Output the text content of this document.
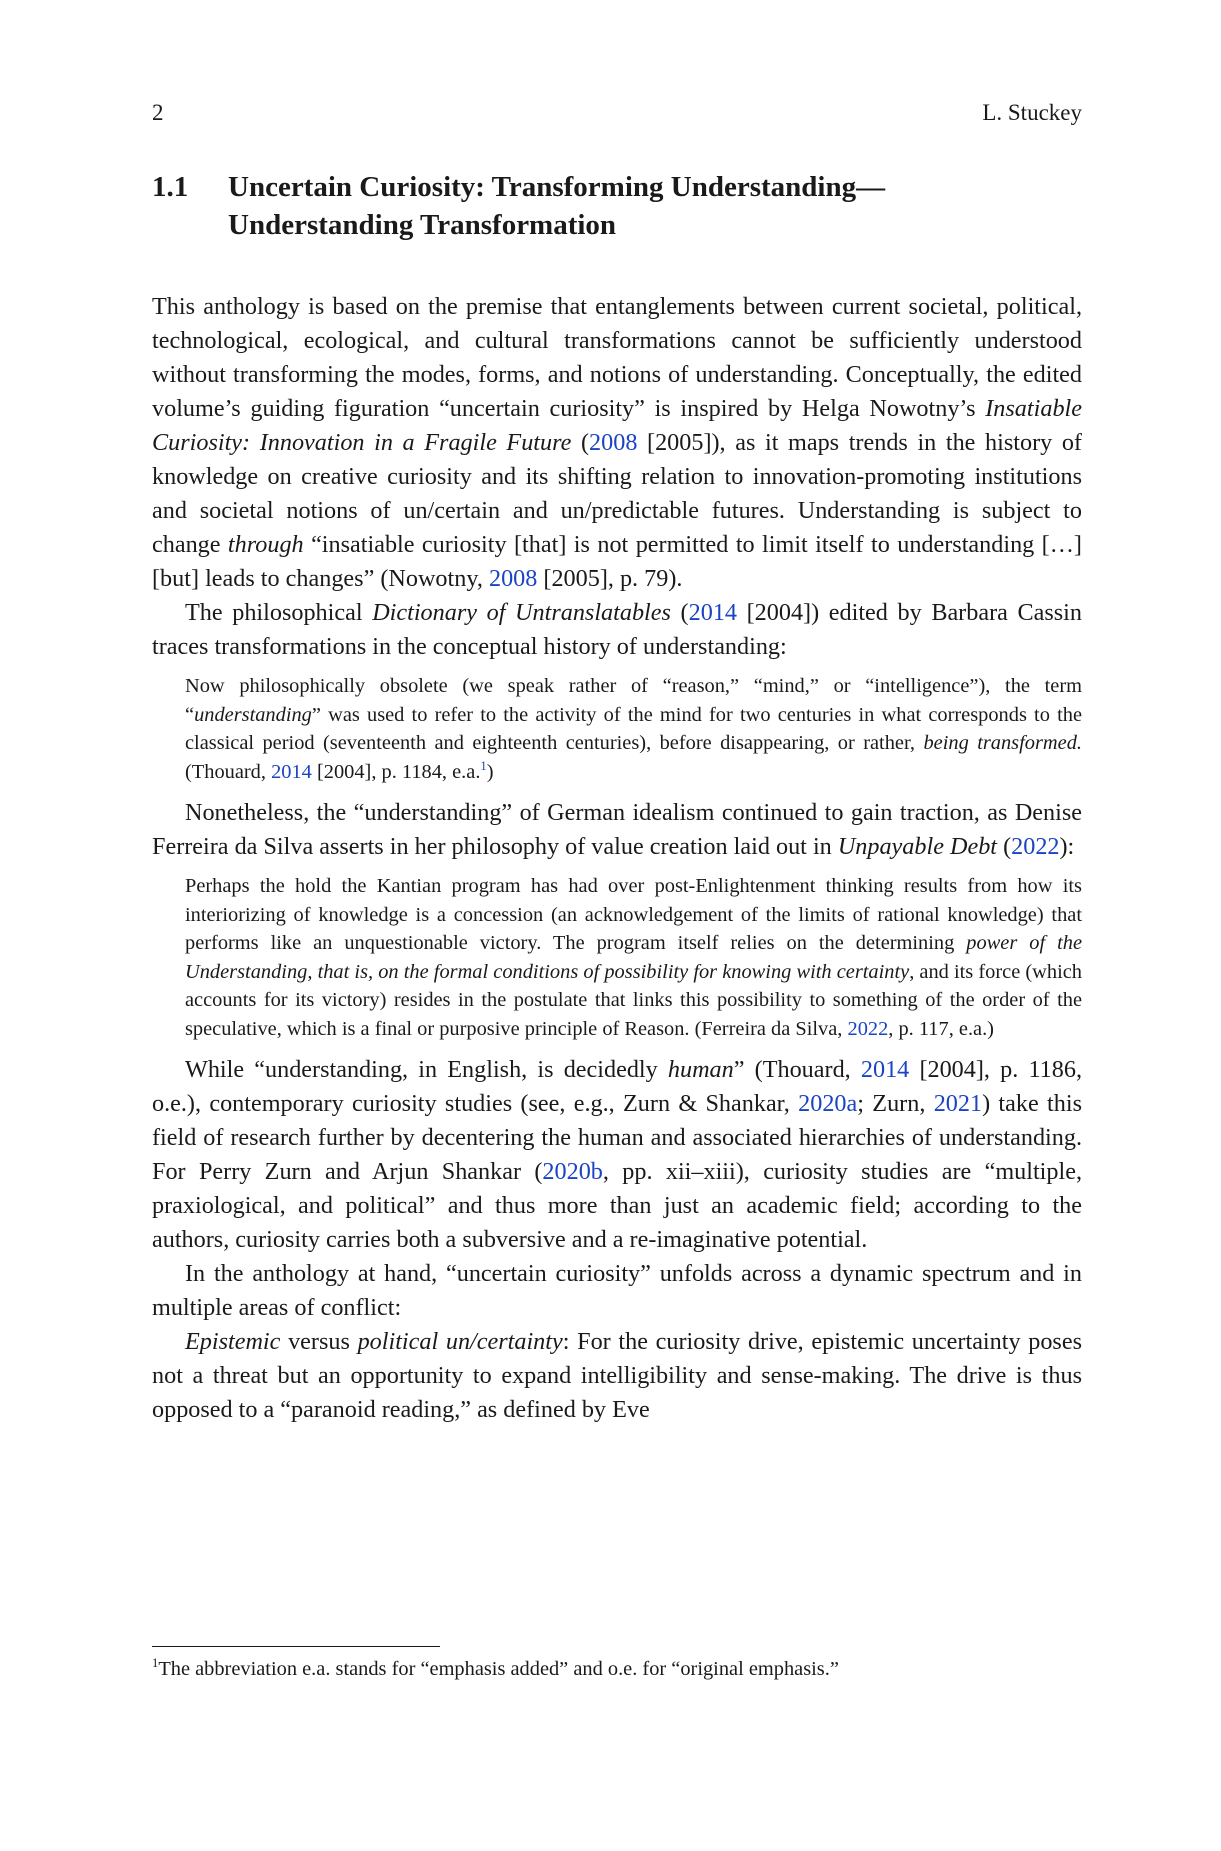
2	L. Stuckey
1.1 Uncertain Curiosity: Transforming Understanding—
Understanding Transformation

This anthology is based on the premise that entanglements between current societal, political, technological, ecological, and cultural transformations cannot be sufficiently understood without transforming the modes, forms, and notions of understanding. Conceptually, the edited volume’s guiding figuration “uncertain curiosity” is inspired by Helga Nowotny’s Insatiable Curiosity: Innovation in a Fragile Future (2008 [2005]), as it maps trends in the history of knowledge on creative curiosity and its shifting relation to innovation-promoting institutions and societal notions of un/certain and un/predictable futures. Understanding is subject to change through “insatiable curiosity [that] is not permitted to limit itself to understanding […] [but] leads to changes” (Nowotny, 2008 [2005], p. 79).

The philosophical Dictionary of Untranslatables (2014 [2004]) edited by Barbara Cassin traces transformations in the conceptual history of understanding:

Now philosophically obsolete (we speak rather of “reason,” “mind,” or “intelligence”), the term “understanding” was used to refer to the activity of the mind for two centuries in what corresponds to the classical period (seventeenth and eighteenth centuries), before disappearing, or rather, being transformed. (Thouard, 2014 [2004], p. 1184, e.a.$^1$)

Nonetheless, the “understanding” of German idealism continued to gain traction, as Denise Ferreira da Silva asserts in her philosophy of value creation laid out in Unpayable Debt (2022):

Perhaps the hold the Kantian program has had over post-Enlightenment thinking results from how its interiorizing of knowledge is a concession (an acknowledgement of the limits of rational knowledge) that performs like an unquestionable victory. The program itself relies on the determining power of the Understanding, that is, on the formal conditions of possibility for knowing with certainty, and its force (which accounts for its victory) resides in the postulate that links this possibility to something of the order of the speculative, which is a final or purposive principle of Reason. (Ferreira da Silva, 2022, p. 117, e.a.)

While “understanding, in English, is decidedly human” (Thouard, 2014 [2004], p. 1186, o.e.), contemporary curiosity studies (see, e.g., Zurn & Shankar, 2020a; Zurn, 2021) take this field of research further by decentering the human and associated hierarchies of understanding. For Perry Zurn and Arjun Shankar (2020b, pp. xii–xiii), curiosity studies are “multiple, praxiological, and political” and thus more than just an academic field; according to the authors, curiosity carries both a subversive and a re-imaginative potential.

In the anthology at hand, “uncertain curiosity” unfolds across a dynamic spectrum and in multiple areas of conflict:

Epistemic versus political un/certainty: For the curiosity drive, epistemic uncertainty poses not a threat but an opportunity to expand intelligibility and sense-making. The drive is thus opposed to a “paranoid reading,” as defined by Eve

$^1$The abbreviation e.a. stands for “emphasis added” and o.e. for “original emphasis.”
